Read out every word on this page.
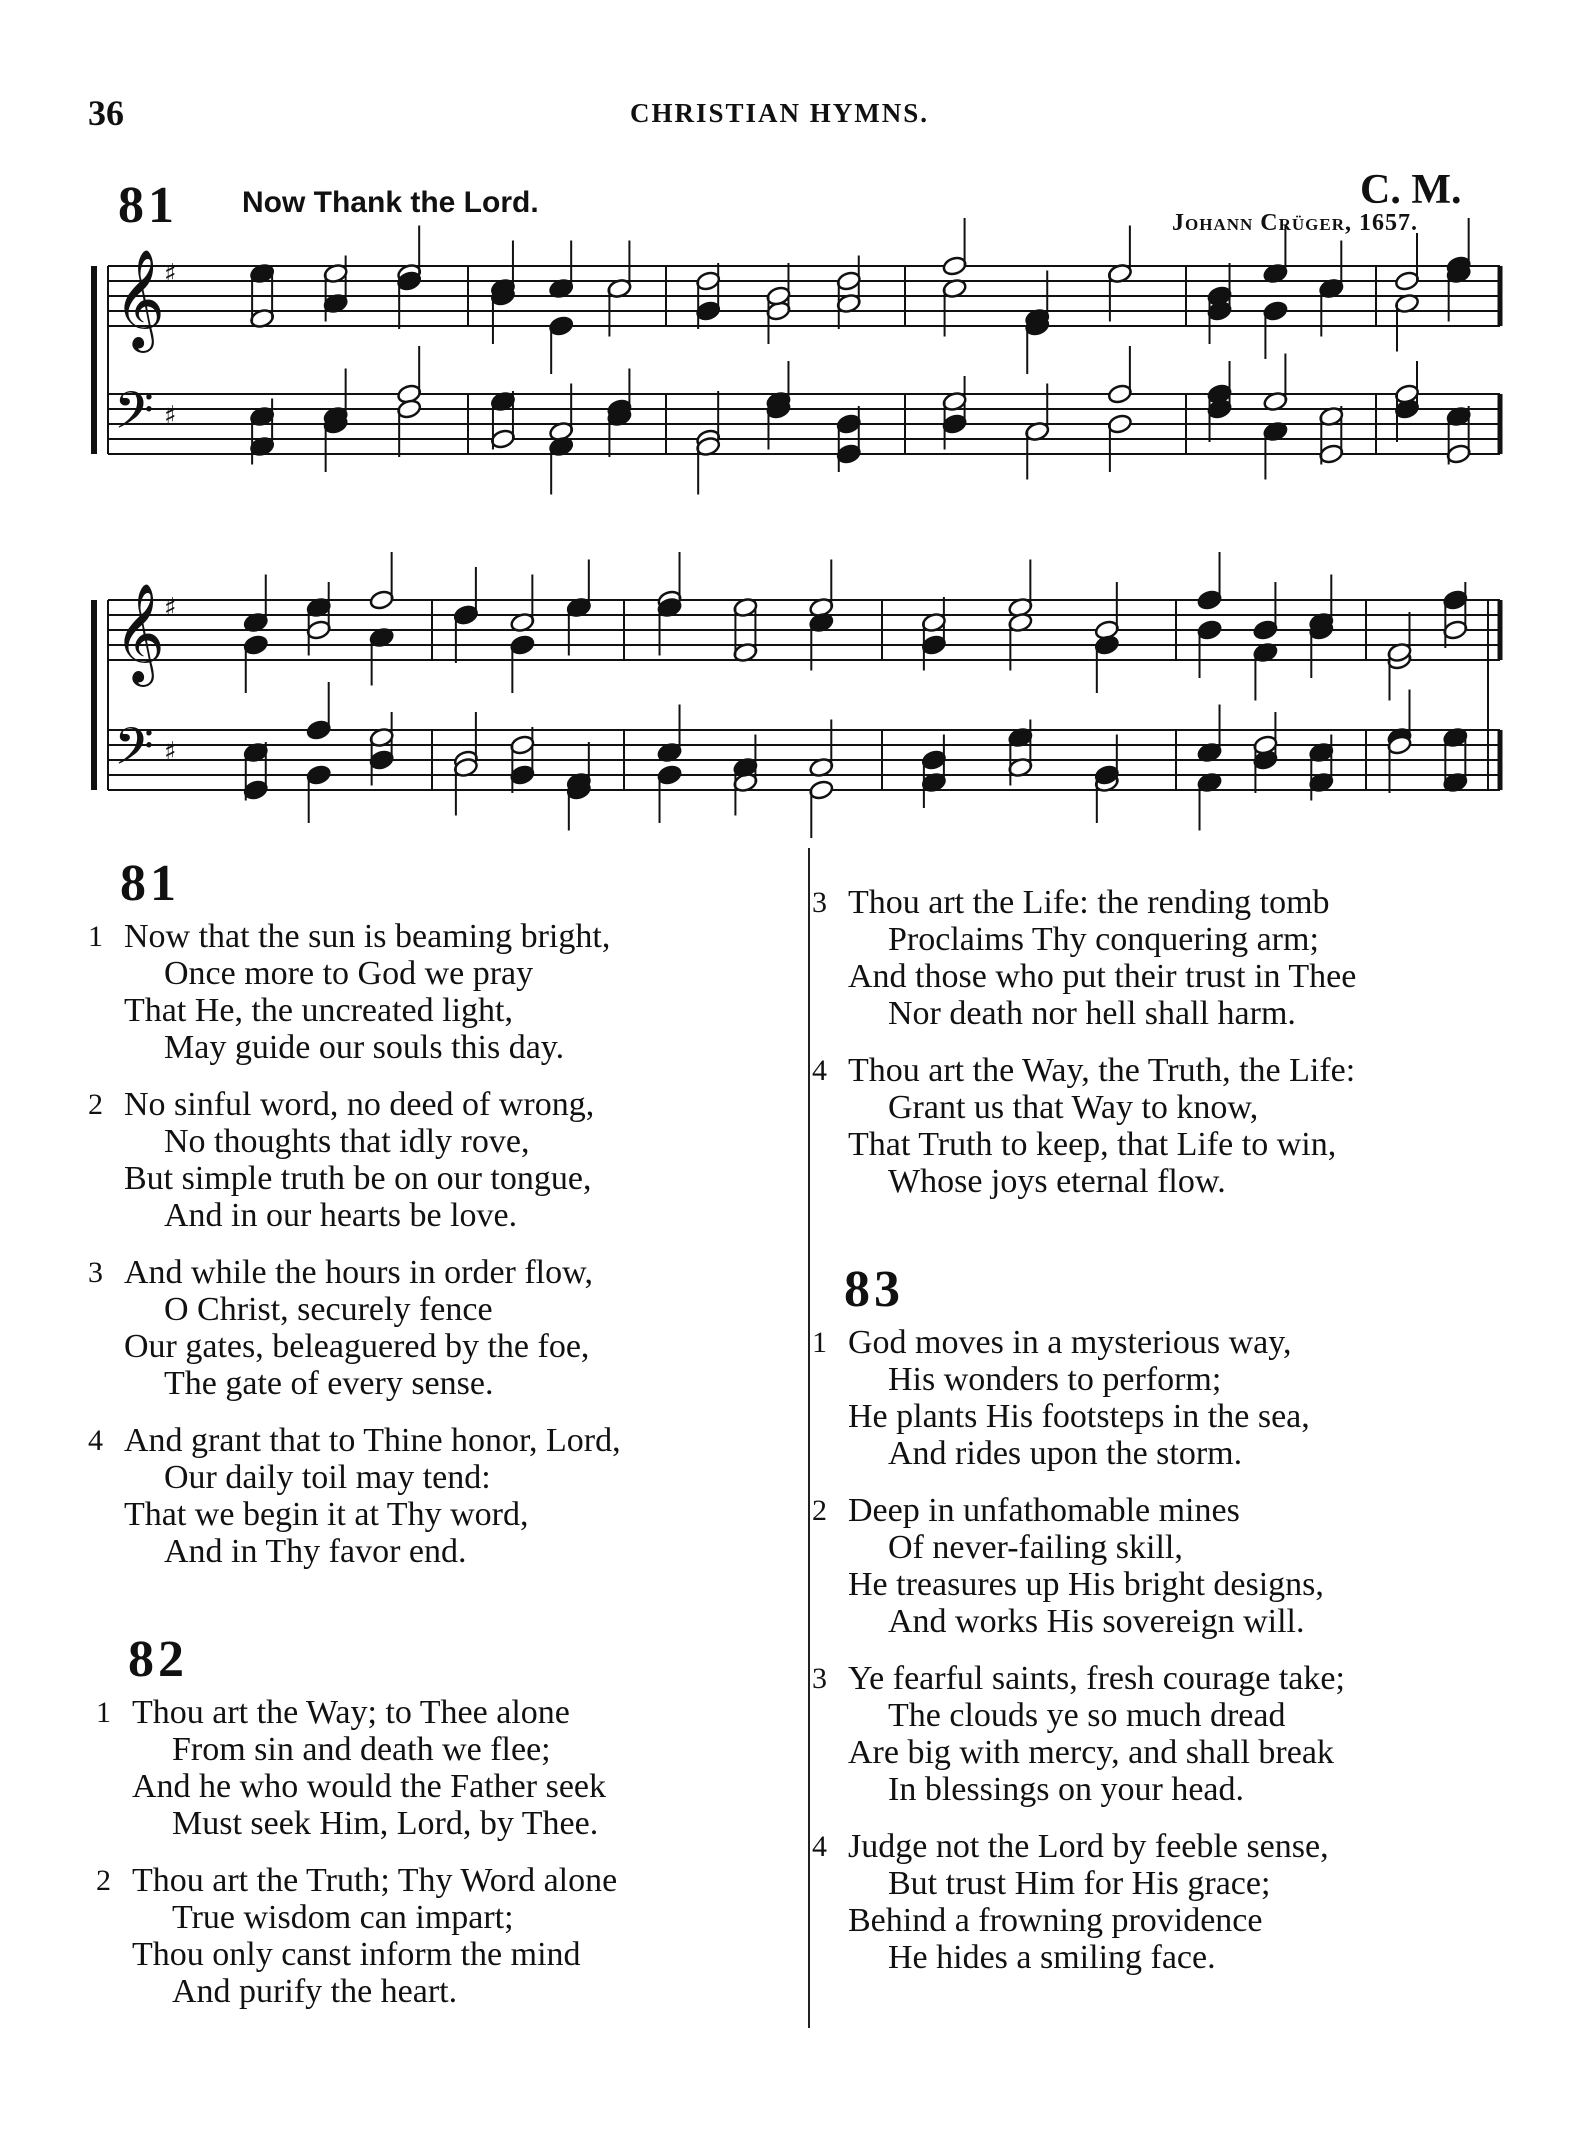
36	CHRISTIAN HYMNS.
81 Now Thank the Lord.	C. M.
Johann Crüger, 1657.
𝄞 ♯
𝄢 ♯
𝄞 ♯
𝄢 ♯
81
1 Now that the sun is beaming bright,
Once more to God we pray
That He, the uncreated light,
May guide our souls this day.
2 No sinful word, no deed of wrong,
No thoughts that idly rove,
But simple truth be on our tongue,
And in our hearts be love.
3 And while the hours in order flow,
O Christ, securely fence
Our gates, beleaguered by the foe,
The gate of every sense.
4 And grant that to Thine honor, Lord,
Our daily toil may tend:
That we begin it at Thy word,
And in Thy favor end.
82
1 Thou art the Way; to Thee alone
From sin and death we flee;
And he who would the Father seek
Must seek Him, Lord, by Thee.
2 Thou art the Truth; Thy Word alone
True wisdom can impart;
Thou only canst inform the mind
And purify the heart.
3 Thou art the Life: the rending tomb
Proclaims Thy conquering arm;
And those who put their trust in Thee
Nor death nor hell shall harm.
4 Thou art the Way, the Truth, the Life:
Grant us that Way to know,
That Truth to keep, that Life to win,
Whose joys eternal flow.
83
1 God moves in a mysterious way,
His wonders to perform;
He plants His footsteps in the sea,
And rides upon the storm.
2 Deep in unfathomable mines
Of never-failing skill,
He treasures up His bright designs,
And works His sovereign will.
3 Ye fearful saints, fresh courage take;
The clouds ye so much dread
Are big with mercy, and shall break
In blessings on your head.
4 Judge not the Lord by feeble sense,
But trust Him for His grace;
Behind a frowning providence
He hides a smiling face.
